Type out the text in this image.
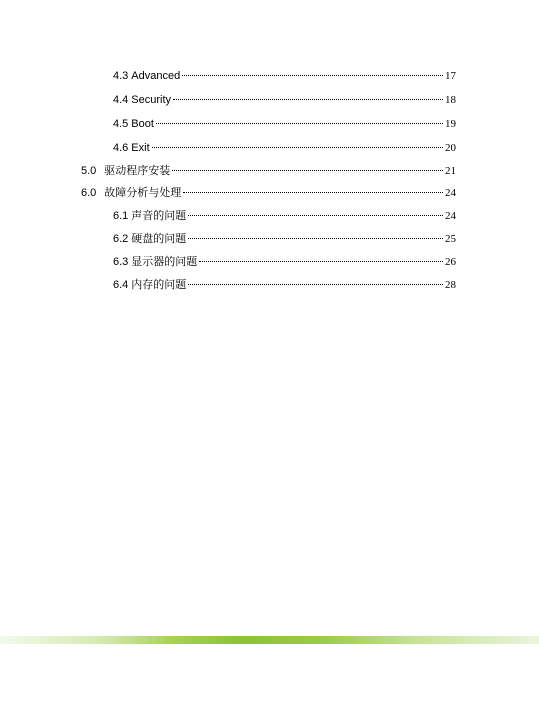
4.3 Advanced	17
4.4 Security	18
4.5 Boot	19
4.6 Exit	20
5.0 驱动程序安装	21
6.0 故障分析与处理	24
6.1 声音的问题	24
6.2 硬盘的问题	25
6.3 显示器的问题	26
6.4 内存的问题	28
